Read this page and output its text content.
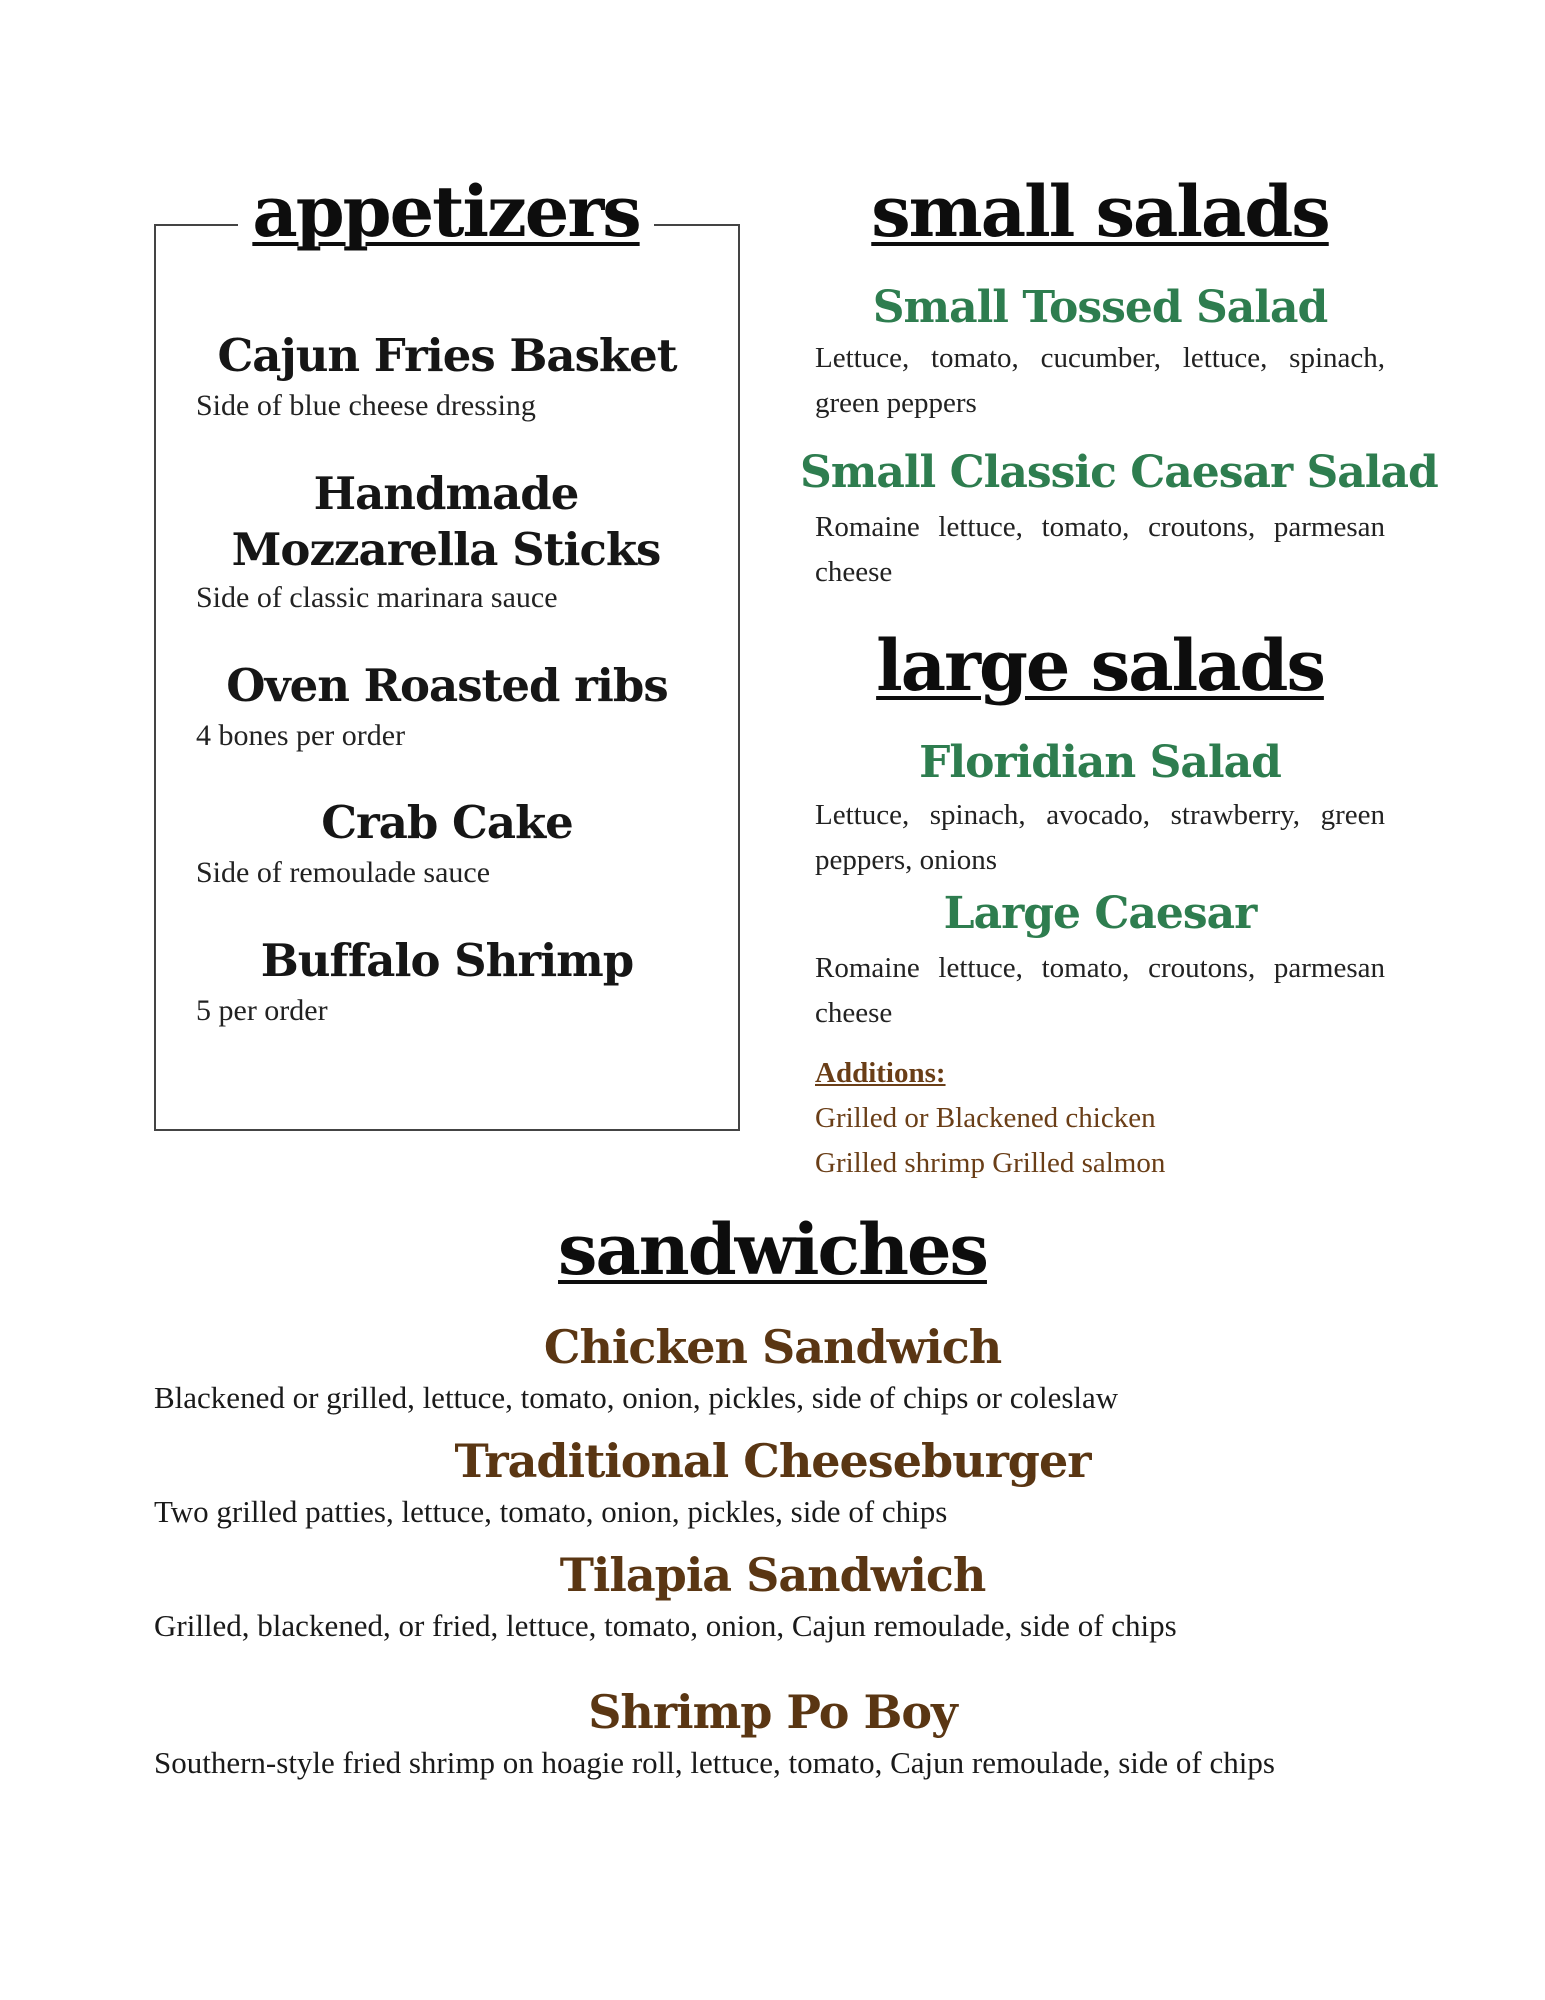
appetizers
Cajun Fries Basket
Side of blue cheese dressing
Handmade Mozzarella Sticks
Side of classic marinara sauce
Oven Roasted ribs
4 bones per order
Crab Cake
Side of remoulade sauce
Buffalo Shrimp
5 per order
small salads
Small Tossed Salad
Lettuce, tomato, cucumber, lettuce, spinach, green peppers
Small Classic Caesar Salad
Romaine lettuce, tomato, croutons, parmesan cheese
large salads
Floridian Salad
Lettuce, spinach, avocado, strawberry, green peppers, onions
Large Caesar
Romaine lettuce, tomato, croutons, parmesan cheese
Additions:
Grilled or Blackened chicken
Grilled shrimp Grilled salmon
sandwiches
Chicken Sandwich
Blackened or grilled, lettuce, tomato, onion, pickles, side of chips or coleslaw
Traditional Cheeseburger
Two grilled patties, lettuce, tomato, onion, pickles, side of chips
Tilapia Sandwich
Grilled, blackened, or fried, lettuce, tomato, onion, Cajun remoulade, side of chips
Shrimp Po Boy
Southern-style fried shrimp on hoagie roll, lettuce, tomato, Cajun remoulade, side of chips
